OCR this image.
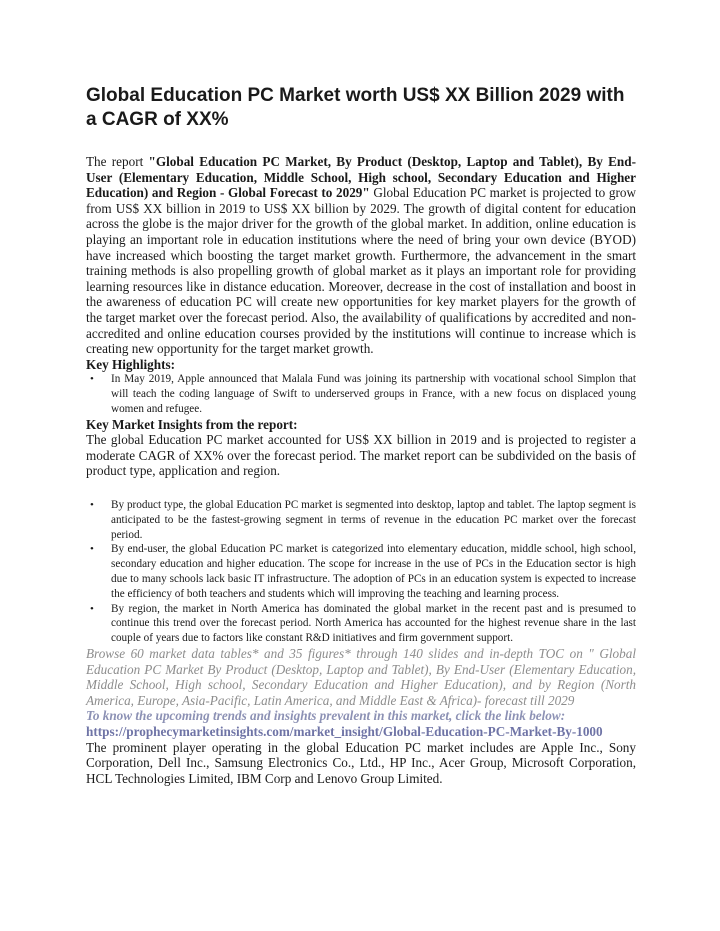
Global Education PC Market worth US$ XX Billion 2029 with a CAGR of XX%

The report "Global Education PC Market, By Product (Desktop, Laptop and Tablet), By End-User (Elementary Education, Middle School, High school, Secondary Education and Higher Education) and Region - Global Forecast to 2029" Global Education PC market is projected to grow from US$ XX billion in 2019 to US$ XX billion by 2029. The growth of digital content for education across the globe is the major driver for the growth of the global market. In addition, online education is playing an important role in education institutions where the need of bring your own device (BYOD) have increased which boosting the target market growth. Furthermore, the advancement in the smart training methods is also propelling growth of global market as it plays an important role for providing learning resources like in distance education. Moreover, decrease in the cost of installation and boost in the awareness of education PC will create new opportunities for key market players for the growth of the target market over the forecast period. Also, the availability of qualifications by accredited and non-accredited and online education courses provided by the institutions will continue to increase which is creating new opportunity for the target market growth.

Key Highlights:

• In May 2019, Apple announced that Malala Fund was joining its partnership with vocational school Simplon that will teach the coding language of Swift to underserved groups in France, with a new focus on displaced young women and refugee.

Key Market Insights from the report:

The global Education PC market accounted for US$ XX billion in 2019 and is projected to register a moderate CAGR of XX% over the forecast period. The market report can be subdivided on the basis of product type, application and region.

• By product type, the global Education PC market is segmented into desktop, laptop and tablet. The laptop segment is anticipated to be the fastest-growing segment in terms of revenue in the education PC market over the forecast period.
• By end-user, the global Education PC market is categorized into elementary education, middle school, high school, secondary education and higher education. The scope for increase in the use of PCs in the Education sector is high due to many schools lack basic IT infrastructure. The adoption of PCs in an education system is expected to increase the efficiency of both teachers and students which will improving the teaching and learning process.
• By region, the market in North America has dominated the global market in the recent past and is presumed to continue this trend over the forecast period. North America has accounted for the highest revenue share in the last couple of years due to factors like constant R&D initiatives and firm government support.

Browse 60 market data tables* and 35 figures* through 140 slides and in-depth TOC on " Global Education PC Market By Product (Desktop, Laptop and Tablet), By End-User (Elementary Education, Middle School, High school, Secondary Education and Higher Education), and by Region (North America, Europe, Asia-Pacific, Latin America, and Middle East & Africa)- forecast till 2029

To know the upcoming trends and insights prevalent in this market, click the link below:

https://prophecymarketinsights.com/market_insight/Global-Education-PC-Market-By-1000

The prominent player operating in the global Education PC market includes are Apple Inc., Sony Corporation, Dell Inc., Samsung Electronics Co., Ltd., HP Inc., Acer Group, Microsoft Corporation, HCL Technologies Limited, IBM Corp and Lenovo Group Limited.
